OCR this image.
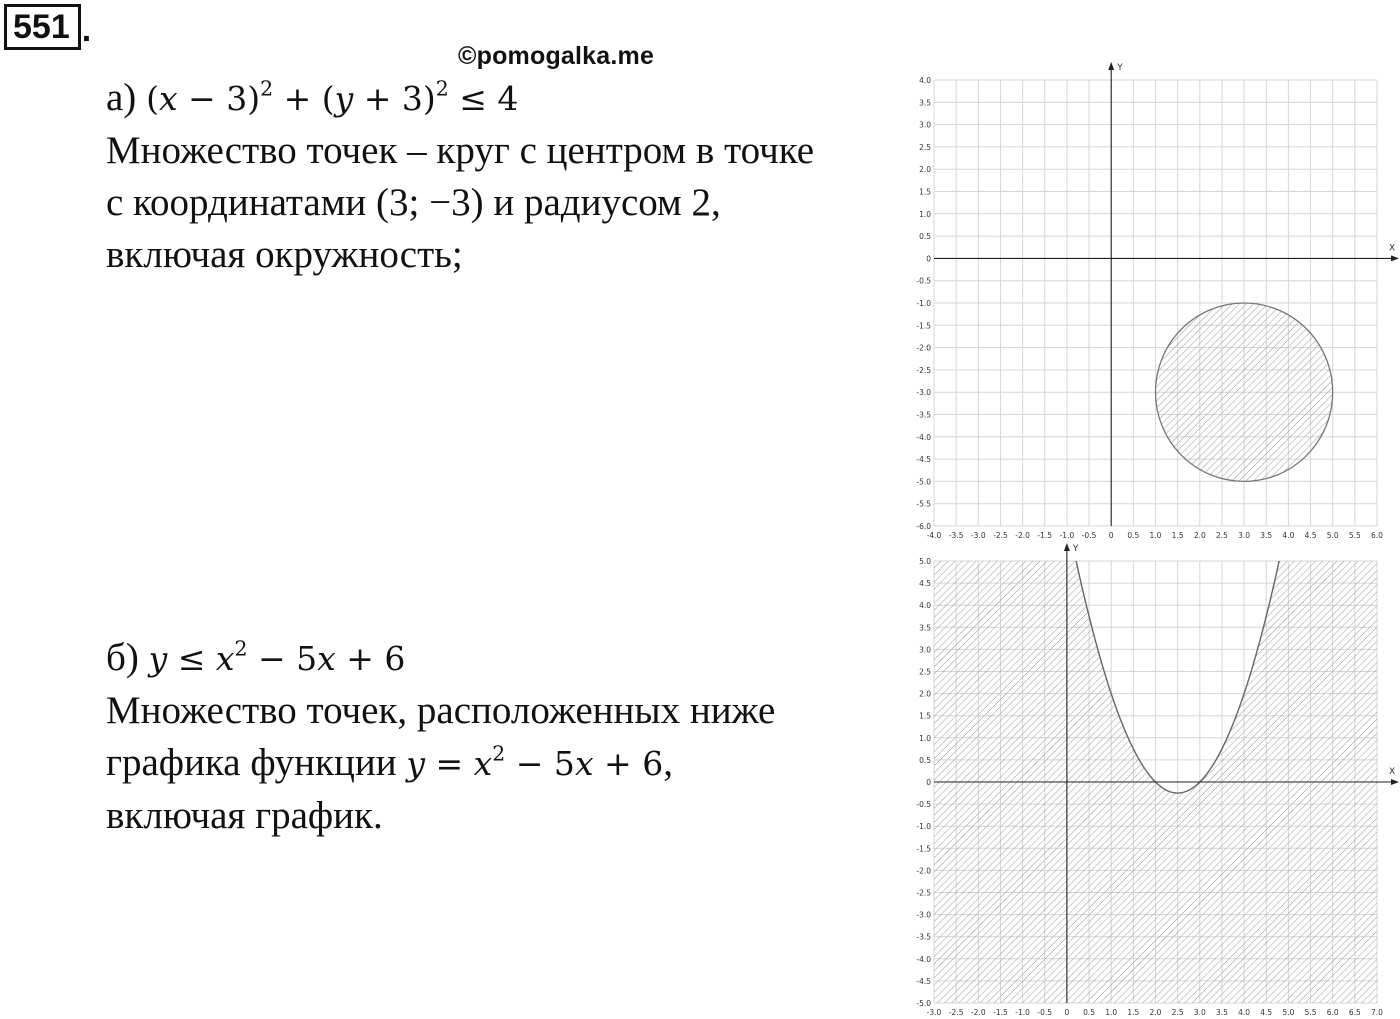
551 .
©pomogalka.me
а) $(x - 3)^2 + (y + 3)^2 \le 4$
Множество точек – круг с центром в точке
с координатами (3; −3) и радиусом 2,
включая окружность;
б) $y \le x^2 - 5x + 6$
Множество точек, расположенных ниже
графика функции $y = x^2 - 5x + 6$,
включая график.
X
Y
-4.0 -3.5 -3.0 -2.5 -2.0 -1.5 -1.0 -0.5 0 0.5 1.0 1.5 2.0 2.5 3.0 3.5 4.0 4.5 5.0 5.5 6.0
-6.0
-5.5
-5.0
-4.5
-4.0
-3.5
-3.0
-2.5
-2.0
-1.5
-1.0
-0.5
0
0.5
1.0
1.5
2.0
2.5
3.0
3.5
4.0
X
Y
-3.0 -2.5 -2.0 -1.5 -1.0 -0.5 0 0.5 1.0 1.5 2.0 2.5 3.0 3.5 4.0 4.5 5.0 5.5 6.0 6.5 7.0
-5.0
-4.5
-4.0
-3.5
-3.0
-2.5
-2.0
-1.5
-1.0
-0.5
0
0.5
1.0
1.5
2.0
2.5
3.0
3.5
4.0
4.5
5.0
